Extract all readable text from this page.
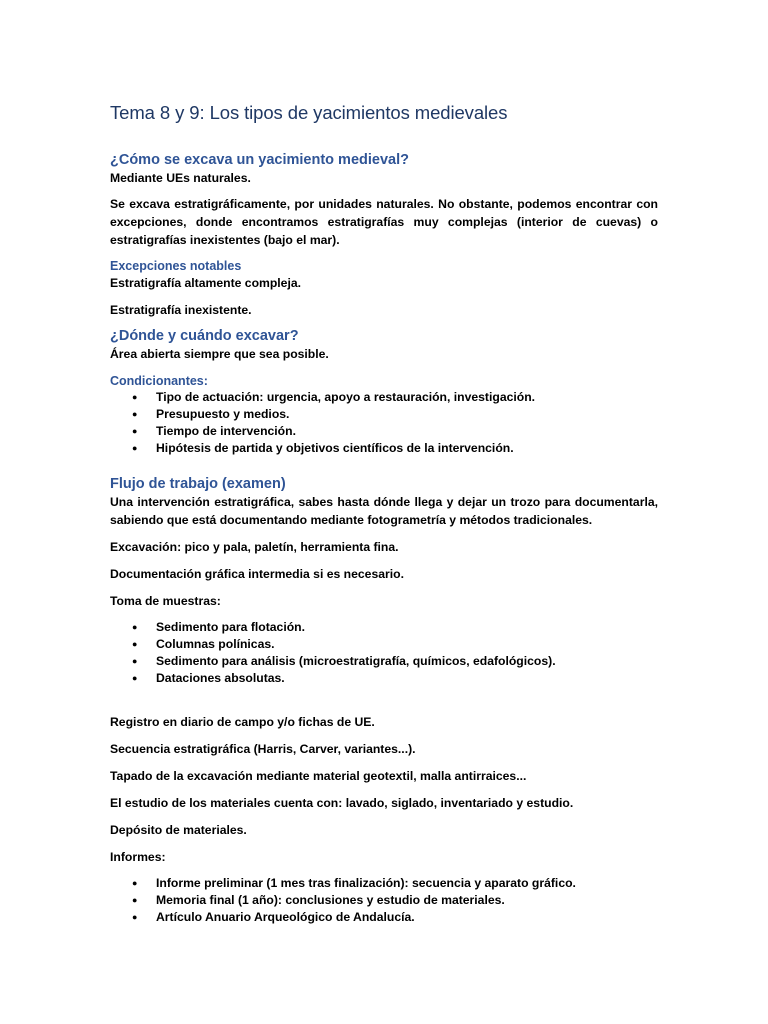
Tema 8 y 9: Los tipos de yacimientos medievales
¿Cómo se excava un yacimiento medieval?

Mediante UEs naturales.

Se excava estratigráficamente, por unidades naturales. No obstante, podemos encontrar con excepciones, donde encontramos estratigrafías muy complejas (interior de cuevas) o estratigrafías inexistentes (bajo el mar).

Excepciones notables

Estratigrafía altamente compleja.

Estratigrafía inexistente.

¿Dónde y cuándo excavar?

Área abierta siempre que sea posible.

Condicionantes:
● Tipo de actuación: urgencia, apoyo a restauración, investigación.
● Presupuesto y medios.
● Tiempo de intervención.
● Hipótesis de partida y objetivos científicos de la intervención.
Flujo de trabajo (examen)

Una intervención estratigráfica, sabes hasta dónde llega y dejar un trozo para documentarla, sabiendo que está documentando mediante fotogrametría y métodos tradicionales.

Excavación: pico y pala, paletín, herramienta fina.

Documentación gráfica intermedia si es necesario.

Toma de muestras:

● Sedimento para flotación.
● Columnas polínicas.
● Sedimento para análisis (microestratigrafía, químicos, edafológicos).
● Dataciones absolutas.

Registro en diario de campo y/o fichas de UE.

Secuencia estratigráfica (Harris, Carver, variantes...).

Tapado de la excavación mediante material geotextil, malla antirraices...

El estudio de los materiales cuenta con: lavado, siglado, inventariado y estudio.

Depósito de materiales.

Informes:

● Informe preliminar (1 mes tras finalización): secuencia y aparato gráfico.
● Memoria final (1 año): conclusiones y estudio de materiales.
● Artículo Anuario Arqueológico de Andalucía.
